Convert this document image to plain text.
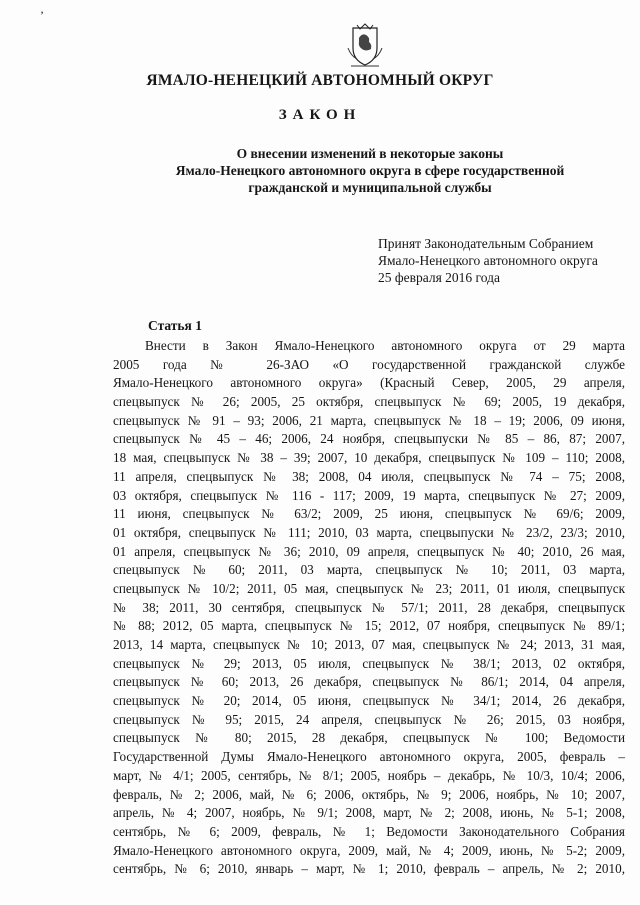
’
ЯМАЛО-НЕНЕЦКИЙ АВТОНОМНЫЙ ОКРУГ
ЗАКОН
О внесении изменений в некоторые законы
Ямало-Ненецкого автономного округа в сфере государственной
гражданской и муниципальной службы
Принят Законодательным Собранием
Ямало-Ненецкого автономного округа
25 февраля 2016 года
Статья 1
Внести в Закон Ямало-Ненецкого автономного округа от 29 марта
2005 года № 26-ЗАО «О государственной гражданской службе
Ямало-Ненецкого автономного округа» (Красный Север, 2005, 29 апреля,
спецвыпуск № 26; 2005, 25 октября, спецвыпуск № 69; 2005, 19 декабря,
спецвыпуск № 91 – 93; 2006, 21 марта, спецвыпуск № 18 – 19; 2006, 09 июня,
спецвыпуск № 45 – 46; 2006, 24 ноября, спецвыпуски № 85 – 86, 87; 2007,
18 мая, спецвыпуск № 38 – 39; 2007, 10 декабря, спецвыпуск № 109 – 110; 2008,
11 апреля, спецвыпуск № 38; 2008, 04 июля, спецвыпуск № 74 – 75; 2008,
03 октября, спецвыпуск № 116 - 117; 2009, 19 марта, спецвыпуск № 27; 2009,
11 июня, спецвыпуск № 63/2; 2009, 25 июня, спецвыпуск № 69/6; 2009,
01 октября, спецвыпуск № 111; 2010, 03 марта, спецвыпуски № 23/2, 23/3; 2010,
01 апреля, спецвыпуск № 36; 2010, 09 апреля, спецвыпуск № 40; 2010, 26 мая,
спецвыпуск № 60; 2011, 03 марта, спецвыпуск № 10; 2011, 03 марта,
спецвыпуск № 10/2; 2011, 05 мая, спецвыпуск № 23; 2011, 01 июля, спецвыпуск
№ 38; 2011, 30 сентября, спецвыпуск № 57/1; 2011, 28 декабря, спецвыпуск
№ 88; 2012, 05 марта, спецвыпуск № 15; 2012, 07 ноября, спецвыпуск № 89/1;
2013, 14 марта, спецвыпуск № 10; 2013, 07 мая, спецвыпуск № 24; 2013, 31 мая,
спецвыпуск № 29; 2013, 05 июля, спецвыпуск № 38/1; 2013, 02 октября,
спецвыпуск № 60; 2013, 26 декабря, спецвыпуск № 86/1; 2014, 04 апреля,
спецвыпуск № 20; 2014, 05 июня, спецвыпуск № 34/1; 2014, 26 декабря,
спецвыпуск № 95; 2015, 24 апреля, спецвыпуск № 26; 2015, 03 ноября,
спецвыпуск № 80; 2015, 28 декабря, спецвыпуск № 100; Ведомости
Государственной Думы Ямало-Ненецкого автономного округа, 2005, февраль –
март, № 4/1; 2005, сентябрь, № 8/1; 2005, ноябрь – декабрь, № 10/3, 10/4; 2006,
февраль, № 2; 2006, май, № 6; 2006, октябрь, № 9; 2006, ноябрь, № 10; 2007,
апрель, № 4; 2007, ноябрь, № 9/1; 2008, март, № 2; 2008, июнь, № 5-1; 2008,
сентябрь, № 6; 2009, февраль, № 1; Ведомости Законодательного Собрания
Ямало-Ненецкого автономного округа, 2009, май, № 4; 2009, июнь, № 5-2; 2009,
сентябрь, № 6; 2010, январь – март, № 1; 2010, февраль – апрель, № 2; 2010,
